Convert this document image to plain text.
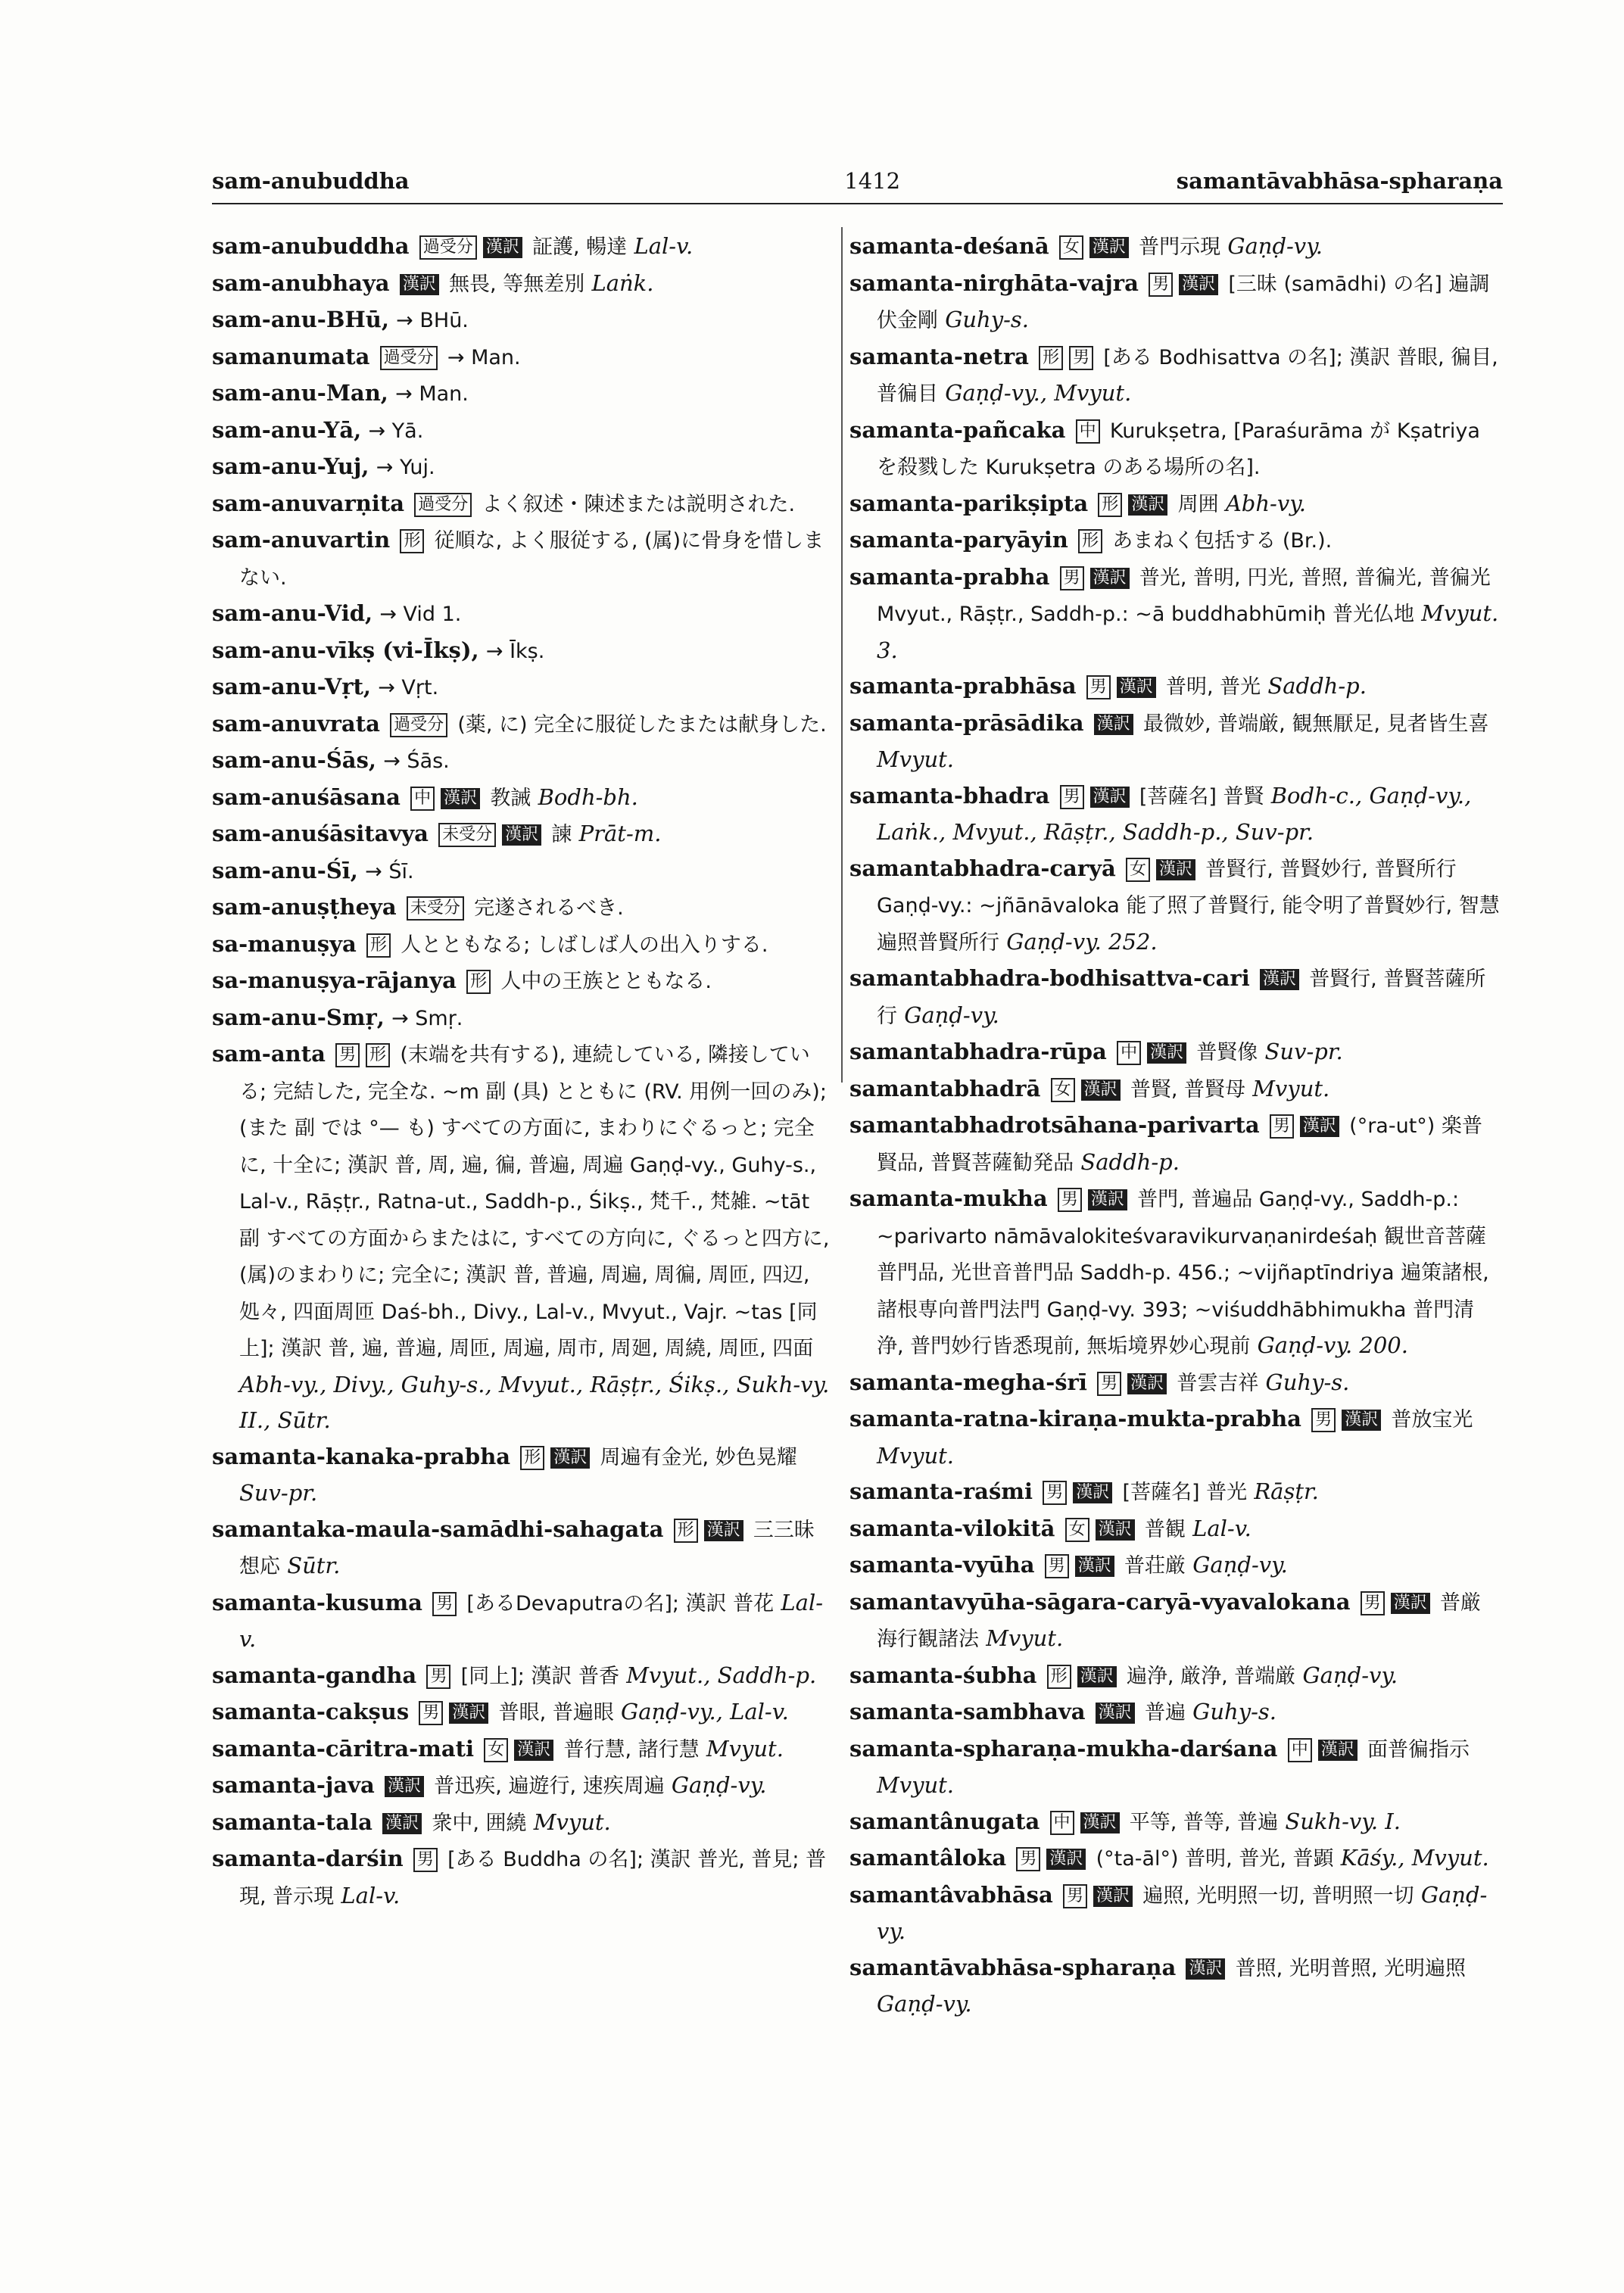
sam-anubuddha	1412	samantāvabhāsa-spharaṇa

sam-anubuddha 過受分 漢訳 証護, 暢達 Lal-v.

sam-anubhaya 漢訳 無畏, 等無差別 Laṅk.

sam-anu-BHū, → BHū.

samanumata 過受分 → Man.

sam-anu-Man, → Man.

sam-anu-Yā, → Yā.

sam-anu-Yuj, → Yuj.

sam-anuvarṇita 過受分 よく叙述・陳述または説明された.

sam-anuvartin 形 従順な, よく服従する, (属)に骨身を惜しまない.

sam-anu-Vid, → Vid 1.

sam-anu-vīkṣ (vi-Īkṣ), → Īkṣ.

sam-anu-Vṛt, → Vṛt.

sam-anuvrata 過受分 (薬, に) 完全に服従したまたは献身した.

sam-anu-Śās, → Śās.

sam-anuśāsana 中 漢訳 教誡 Bodh-bh.

sam-anuśāsitavya 未受分 漢訳 諫 Prāt-m.

sam-anu-Śī, → Śī.

sam-anuṣṭheya 未受分 完遂されるべき.

sa-manuṣya 形 人とともなる; しばしば人の出入りする.

sa-manuṣya-rājanya 形 人中の王族とともなる.

sam-anu-Smṛ, → Smṛ.

sam-anta 男 形 (末端を共有する), 連続している, 隣接している; 完結した, 完全な. ~m 副 (具) とともに (RV. 用例一回のみ); (また 副 では °— も) すべての方面に, まわりにぐるっと; 完全に, 十全に; 漢訳 普, 周, 遍, 徧, 普遍, 周遍 Gaṇḍ-vy., Guhy-s., Lal-v., Rāṣṭr., Ratna-ut., Saddh-p., Śikṣ., 梵千., 梵雑. ~tāt 副 すべての方面からまたはに, すべての方向に, ぐるっと四方に, (属)のまわりに; 完全に; 漢訳 普, 普遍, 周遍, 周徧, 周匝, 四辺, 処々, 四面周匝 Daś-bh., Divy., Lal-v., Mvyut., Vajr. ~tas [同上]; 漢訳 普, 遍, 普遍, 周匝, 周遍, 周市, 周廻, 周繞, 周匝, 四面 Abh-vy., Divy., Guhy-s., Mvyut., Rāṣṭr., Śikṣ., Sukh-vy. II., Sūtr.

samanta-kanaka-prabha 形 漢訳 周遍有金光, 妙色晃耀 Suv-pr.

samantaka-maula-samādhi-sahagata 形 漢訳 三三昧想応 Sūtr.

samanta-kusuma 男 [あるDevaputraの名]; 漢訳 普花 Lal-v.

samanta-gandha 男 [同上]; 漢訳 普香 Mvyut., Saddh-p.

samanta-cakṣus 男 漢訳 普眼, 普遍眼 Gaṇḍ-vy., Lal-v.

samanta-cāritra-mati 女 漢訳 普行慧, 諸行慧 Mvyut.

samanta-java 漢訳 普迅疾, 遍遊行, 速疾周遍 Gaṇḍ-vy.

samanta-tala 漢訳 衆中, 囲繞 Mvyut.

samanta-darśin 男 [ある Buddha の名]; 漢訳 普光, 普見; 普現, 普示現 Lal-v.

samanta-deśanā 女 漢訳 普門示現 Gaṇḍ-vy.

samanta-nirghāta-vajra 男 漢訳 [三昧 (samādhi) の名] 遍調伏金剛 Guhy-s.

samanta-netra 形 男 [ある Bodhisattva の名]; 漢訳 普眼, 徧目, 普徧目 Gaṇḍ-vy., Mvyut.

samanta-pañcaka 中 Kurukṣetra, [Paraśurāma が Kṣatriya を殺戮した Kurukṣetra のある場所の名].

samanta-parikṣipta 形 漢訳 周囲 Abh-vy.

samanta-paryāyin 形 あまねく包括する (Br.).

samanta-prabha 男 漢訳 普光, 普明, 円光, 普照, 普徧光, 普徧光 Mvyut., Rāṣṭr., Saddh-p.: ~ā buddhabhūmiḥ 普光仏地 Mvyut. 3.

samanta-prabhāsa 男 漢訳 普明, 普光 Saddh-p.

samanta-prāsādika 漢訳 最微妙, 普端厳, 観無厭足, 見者皆生喜 Mvyut.

samanta-bhadra 男 漢訳 [菩薩名] 普賢 Bodh-c., Gaṇḍ-vy., Laṅk., Mvyut., Rāṣṭr., Saddh-p., Suv-pr.

samantabhadra-caryā 女 漢訳 普賢行, 普賢妙行, 普賢所行 Gaṇḍ-vy.: ~jñānāvaloka 能了照了普賢行, 能令明了普賢妙行, 智慧遍照普賢所行 Gaṇḍ-vy. 252.

samantabhadra-bodhisattva-cari 漢訳 普賢行, 普賢菩薩所行 Gaṇḍ-vy.

samantabhadra-rūpa 中 漢訳 普賢像 Suv-pr.

samantabhadrā 女 漢訳 普賢, 普賢母 Mvyut.

samantabhadrotsāhana-parivarta 男 漢訳 (°ra-ut°) 楽普賢品, 普賢菩薩勧発品 Saddh-p.

samanta-mukha 男 漢訳 普門, 普遍品 Gaṇḍ-vy., Saddh-p.: ~parivarto nāmāvalokiteśvaravikurvaṇanirdeśaḥ 観世音菩薩普門品, 光世音普門品 Saddh-p. 456.; ~vijñaptīndriya 遍策諸根, 諸根専向普門法門 Gaṇḍ-vy. 393; ~viśuddhābhimukha 普門清浄, 普門妙行皆悉現前, 無垢境界妙心現前 Gaṇḍ-vy. 200.

samanta-megha-śrī 男 漢訳 普雲吉祥 Guhy-s.

samanta-ratna-kiraṇa-mukta-prabha 男 漢訳 普放宝光 Mvyut.

samanta-raśmi 男 漢訳 [菩薩名] 普光 Rāṣṭr.

samanta-vilokitā 女 漢訳 普観 Lal-v.

samanta-vyūha 男 漢訳 普荘厳 Gaṇḍ-vy.

samantavyūha-sāgara-caryā-vyavalokana 男 漢訳 普厳海行観諸法 Mvyut.

samanta-śubha 形 漢訳 遍浄, 厳浄, 普端厳 Gaṇḍ-vy.

samanta-sambhava 漢訳 普遍 Guhy-s.

samanta-spharaṇa-mukha-darśana 中 漢訳 面普徧指示 Mvyut.

samantânugata 中 漢訳 平等, 普等, 普遍 Sukh-vy. I.

samantâloka 男 漢訳 (°ta-āl°) 普明, 普光, 普顕 Kāśy., Mvyut.

samantâvabhāsa 男 漢訳 遍照, 光明照一切, 普明照一切 Gaṇḍ-vy.

samantāvabhāsa-spharaṇa 漢訳 普照, 光明普照, 光明遍照 Gaṇḍ-vy.
